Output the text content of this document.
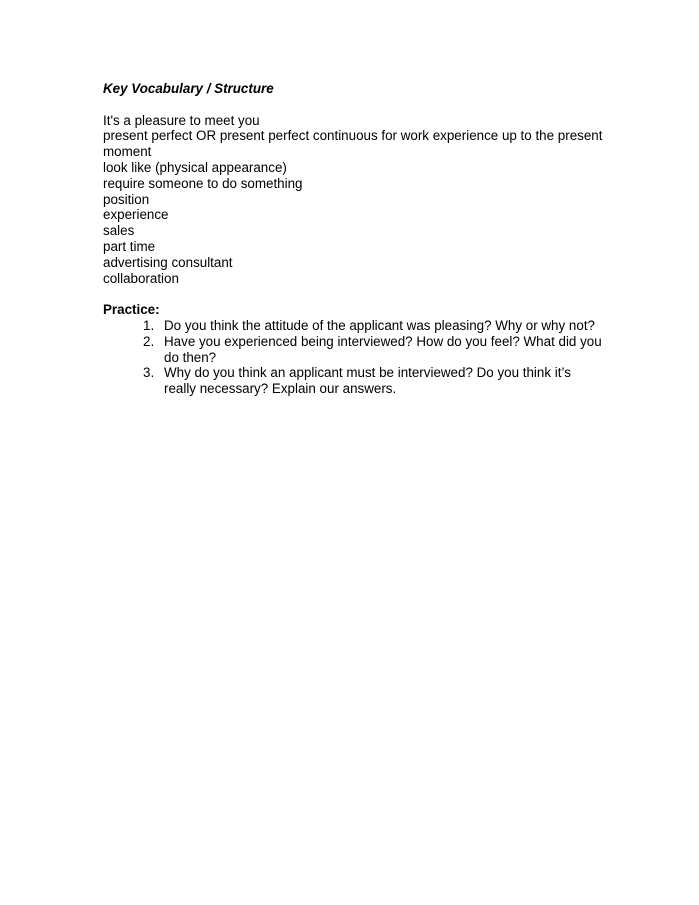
Key Vocabulary / Structure
It's a pleasure to meet you
present perfect OR present perfect continuous for work experience up to the present moment
look like (physical appearance)
require someone to do something
position
experience
sales
part time
advertising consultant
collaboration
Practice:
1. Do you think the attitude of the applicant was pleasing? Why or why not?
2. Have you experienced being interviewed? How do you feel? What did you do then?
3. Why do you think an applicant must be interviewed? Do you think it’s really necessary? Explain our answers.
